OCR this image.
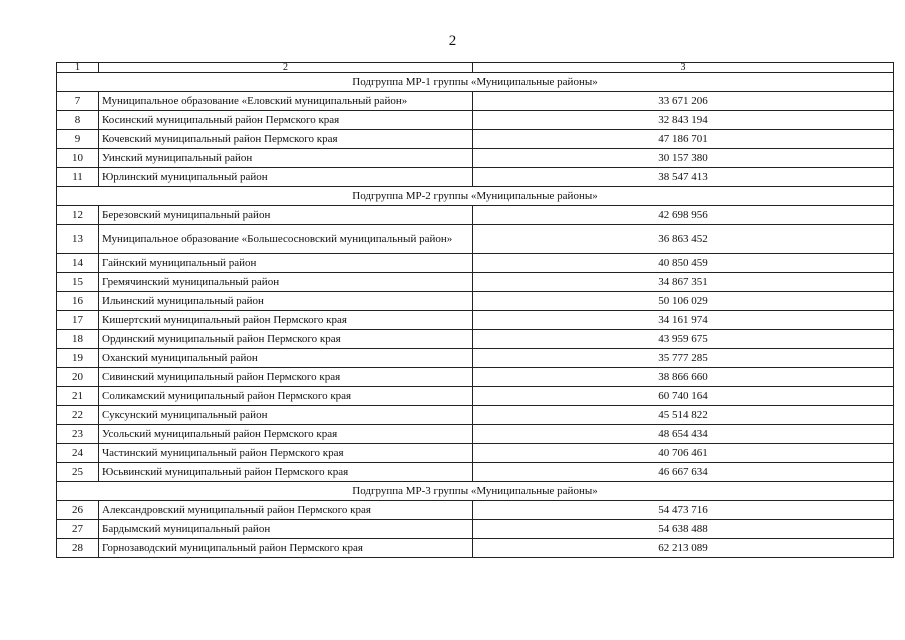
2
1	2	3
Подгруппа МР-1 группы «Муниципальные районы»		
7	Муниципальное образование «Еловский муниципальный район»	33 671 206
8	Косинский муниципальный район Пермского края	32 843 194
9	Кочевский муниципальный район Пермского края	47 186 701
10	Уинский муниципальный район	30 157 380
11	Юрлинский муниципальный район	38 547 413
Подгруппа МР-2 группы «Муниципальные районы»		
12	Березовский муниципальный район	42 698 956
13	Муниципальное образование «Большесосновский муниципальный район»	36 863 452
14	Гайнский муниципальный район	40 850 459
15	Гремячинский муниципальный район	34 867 351
16	Ильинский муниципальный район	50 106 029
17	Кишертский муниципальный район Пермского края	34 161 974
18	Ординский муниципальный район Пермского края	43 959 675
19	Оханский муниципальный район	35 777 285
20	Сивинский муниципальный район Пермского края	38 866 660
21	Соликамский муниципальный район Пермского края	60 740 164
22	Суксунский муниципальный район	45 514 822
23	Усольский муниципальный район Пермского края	48 654 434
24	Частинский муниципальный район Пермского края	40 706 461
25	Юсьвинский муниципальный район Пермского края	46 667 634
Подгруппа МР-3 группы «Муниципальные районы»		
26	Александровский муниципальный район Пермского края	54 473 716
27	Бардымский муниципальный район	54 638 488
28	Горнозаводский муниципальный район Пермского края	62 213 089
